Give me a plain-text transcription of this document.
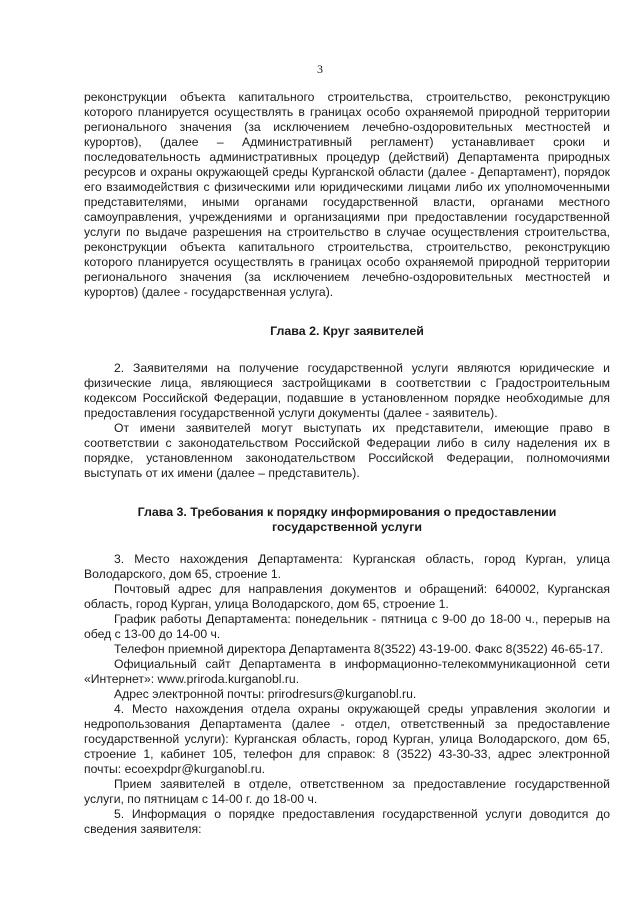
3

реконструкции объекта капитального строительства, строительство, реконструкцию которого планируется осуществлять в границах особо охраняемой природной территории регионального значения (за исключением лечебно-оздоровительных местностей и курортов), (далее – Административный регламент) устанавливает сроки и последовательность административных процедур (действий) Департамента природных ресурсов и охраны окружающей среды Курганской области (далее - Департамент), порядок его взаимодействия с физическими или юридическими лицами либо их уполномоченными представителями, иными органами государственной власти, органами местного самоуправления, учреждениями и организациями при предоставлении государственной услуги по выдаче разрешения на строительство в случае осуществления строительства, реконструкции объекта капитального строительства, строительство, реконструкцию которого планируется осуществлять в границах особо охраняемой природной территории регионального значения (за исключением лечебно-оздоровительных местностей и курортов) (далее - государственная услуга).

Глава 2. Круг заявителей

2. Заявителями на получение государственной услуги являются юридические и физические лица, являющиеся застройщиками в соответствии с Градостроительным кодексом Российской Федерации, подавшие в установленном порядке необходимые для предоставления государственной услуги документы (далее - заявитель).

От имени заявителей могут выступать их представители, имеющие право в соответствии с законодательством Российской Федерации либо в силу наделения их в порядке, установленном законодательством Российской Федерации, полномочиями выступать от их имени (далее – представитель).

Глава 3. Требования к порядку информирования о предоставлении
государственной услуги

3. Место нахождения Департамента: Курганская область, город Курган, улица Володарского, дом 65, строение 1.

Почтовый адрес для направления документов и обращений: 640002, Курганская область, город Курган, улица Володарского, дом 65, строение 1.

График работы Департамента: понедельник - пятница с 9-00 до 18-00 ч., перерыв на обед с 13-00 до 14-00 ч.

Телефон приемной директора Департамента 8(3522) 43-19-00. Факс 8(3522) 46-65-17.

Официальный сайт Департамента в информационно-телекоммуникационной сети «Интернет»: www.priroda.kurganobl.ru.

Адрес электронной почты: prirodresurs@kurganobl.ru.

4. Место нахождения отдела охраны окружающей среды управления экологии и недропользования Департамента (далее - отдел, ответственный за предоставление государственной услуги): Курганская область, город Курган, улица Володарского, дом 65, строение 1, кабинет 105, телефон для справок: 8 (3522) 43-30-33, адрес электронной почты: ecoexpdpr@kurganobl.ru.

Прием заявителей в отделе, ответственном за предоставление государственной услуги, по пятницам с 14-00 г. до 18-00 ч.

5. Информация о порядке предоставления государственной услуги доводится до сведения заявителя:
